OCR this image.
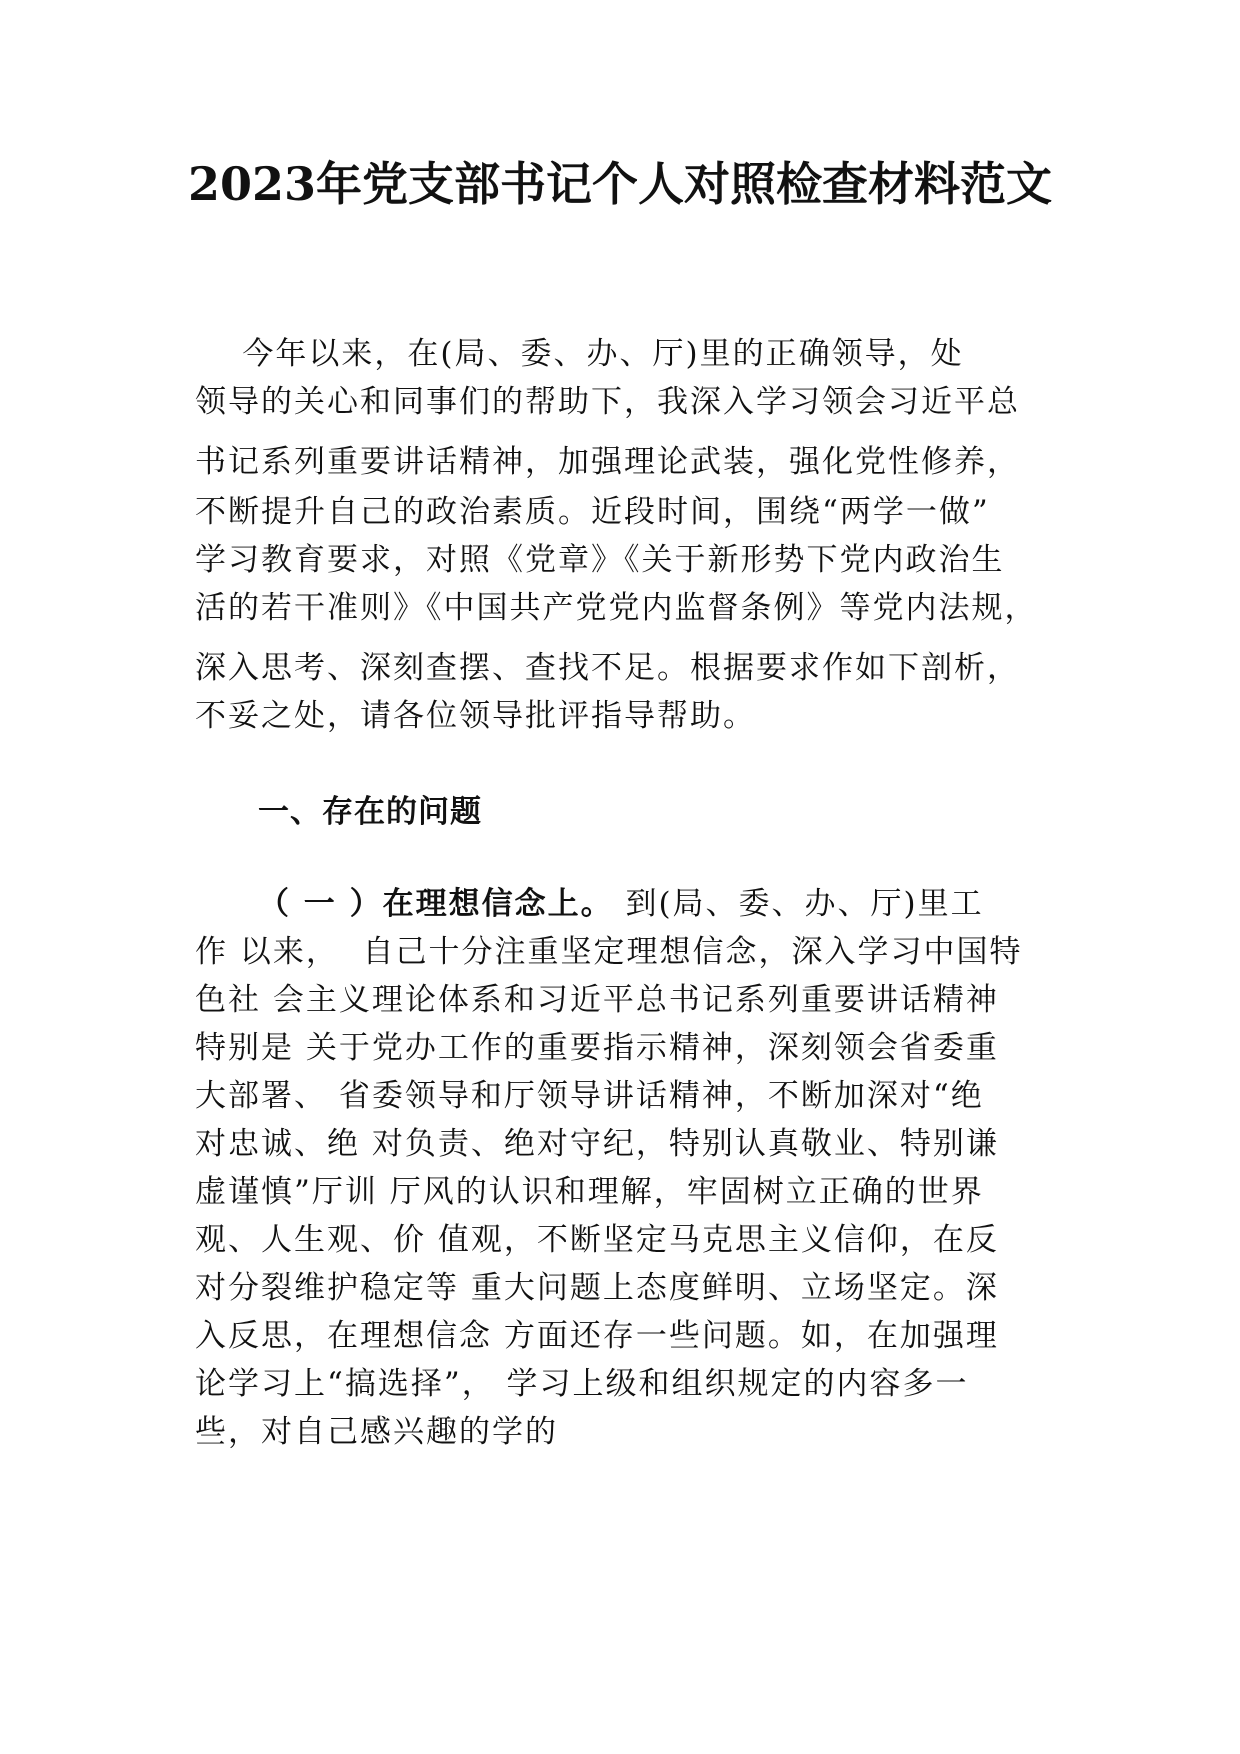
2023年党支部书记个人对照检查材料范文
今年以来，在(局、委、办、厅)里的正确领导，处
领导的关心和同事们的帮助下，我深入学习领会习近平总
书记系列重要讲话精神，加强理论武装，强化党性修养，
不断提升自己的政治素质。近段时间，围绕“两学一做”
学习教育要求，对照《党章》《关于新形势下党内政治生
活的若干准则》《中国共产党党内监督条例》等党内法规，
深入思考、深刻查摆、查找不足。根据要求作如下剖析，
不妥之处，请各位领导批评指导帮助。
一、存在的问题
（ 一 ）在理想信念上。 到(局、委、办、厅)里工
作 以来，  自己十分注重坚定理想信念，深入学习中国特
色社 会主义理论体系和习近平总书记系列重要讲话精神
特别是 关于党办工作的重要指示精神，深刻领会省委重
大部署、 省委领导和厅领导讲话精神，不断加深对“绝
对忠诚、绝 对负责、绝对守纪，特别认真敬业、特别谦
虚谨慎”厅训 厅风的认识和理解，牢固树立正确的世界
观、人生观、价 值观，不断坚定马克思主义信仰，在反
对分裂维护稳定等 重大问题上态度鲜明、立场坚定。深
入反思，在理想信念 方面还存一些问题。如，在加强理
论学习上“搞选择”， 学习上级和组织规定的内容多一
些，对自己感兴趣的学的
